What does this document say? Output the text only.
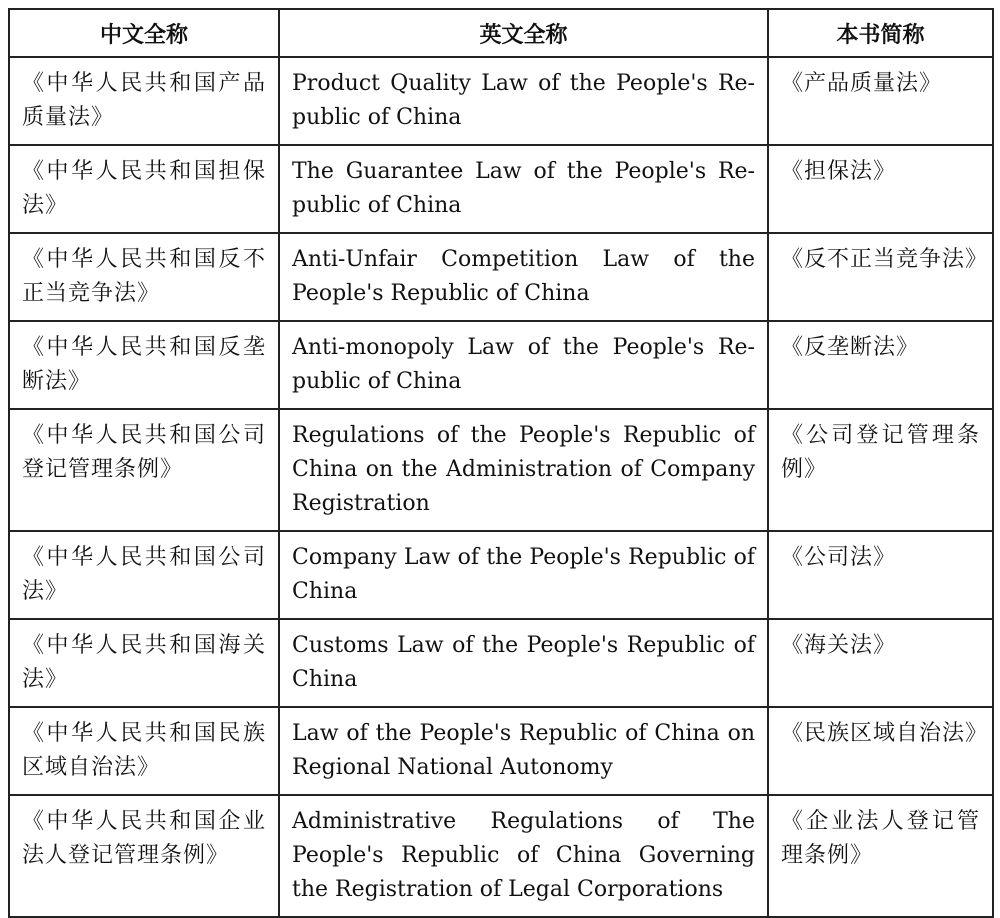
中文全称	英文全称	本书简称
《中华人民共和国产品质量法》	Product Quality Law of the People's Re-public of China	《产品质量法》
《中华人民共和国担保法》	The Guarantee Law of the People's Re-public of China	《担保法》
《中华人民共和国反不正当竞争法》	Anti-Unfair Competition Law of the People's Republic of China	《反不正当竞争法》
《中华人民共和国反垄断法》	Anti-monopoly Law of the People's Re-public of China	《反垄断法》
《中华人民共和国公司登记管理条例》	Regulations of the People's Republic of China on the Administration of Company Registration	《公司登记管理条例》
《中华人民共和国公司法》	Company Law of the People's Republic of China	《公司法》
《中华人民共和国海关法》	Customs Law of the People's Republic of China	《海关法》
《中华人民共和国民族区域自治法》	Law of the People's Republic of China on Regional National Autonomy	《民族区域自治法》
《中华人民共和国企业法人登记管理条例》	Administrative Regulations of The People's Republic of China Governing the Registration of Legal Corporations	《企业法人登记管理条例》
